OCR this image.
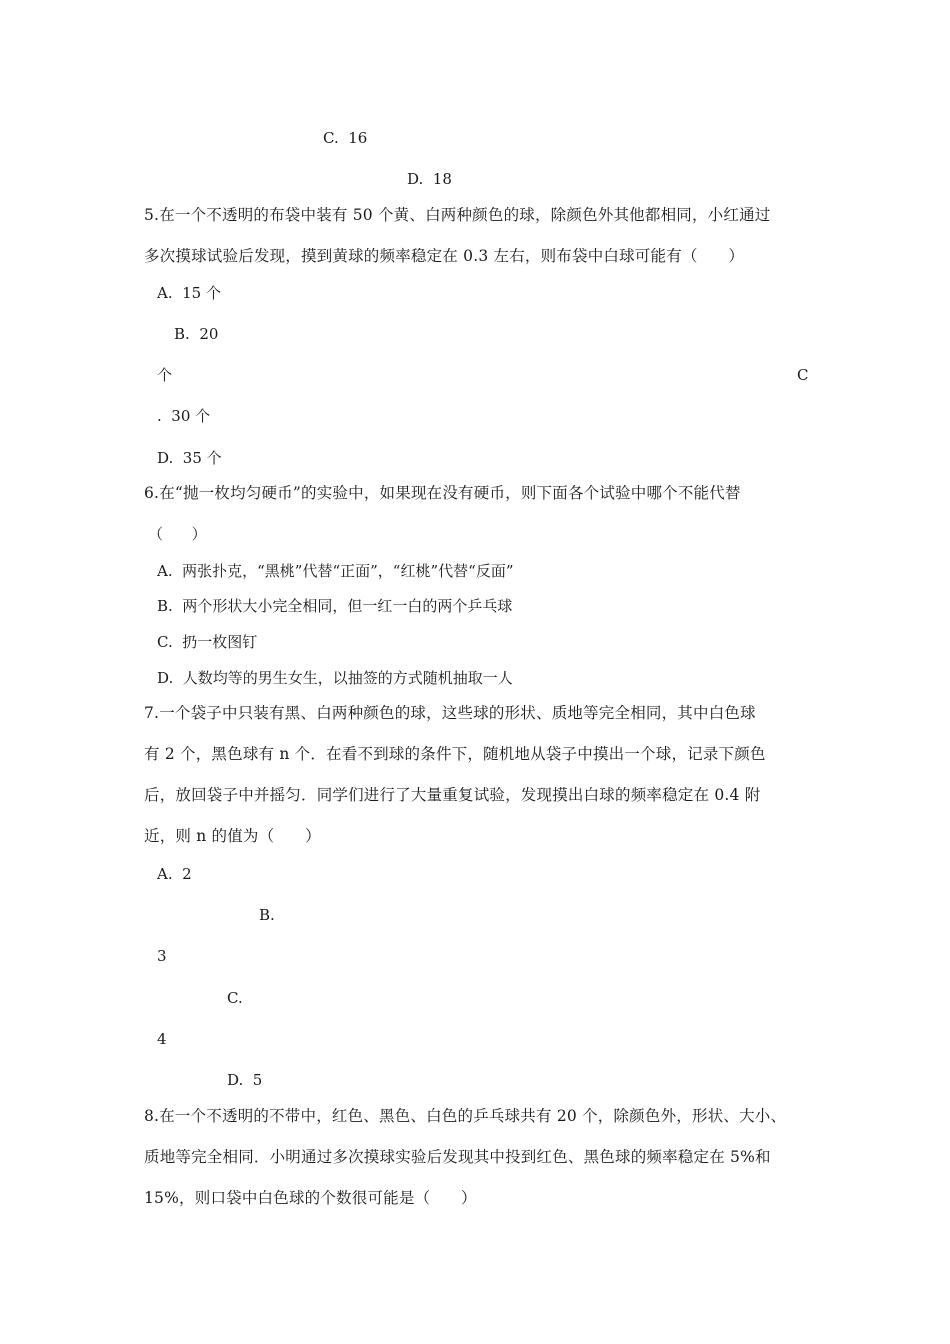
C.  16
D.  18
5.在一个不透明的布袋中装有 50 个黄、白两种颜色的球，除颜色外其他都相同，小红通过
多次摸球试验后发现，摸到黄球的频率稳定在 0.3 左右，则布袋中白球可能有（      ）
A.  15 个
B.  20
个	C
.  30 个
D.  35 个
6.在“抛一枚均匀硬币”的实验中，如果现在没有硬币，则下面各个试验中哪个不能代替
（      ）
A.  两张扑克，“黑桃”代替“正面”，“红桃”代替“反面”
B.  两个形状大小完全相同，但一红一白的两个乒乓球
C.  扔一枚图钉
D.  人数均等的男生女生，以抽签的方式随机抽取一人
7.一个袋子中只装有黑、白两种颜色的球，这些球的形状、质地等完全相同，其中白色球
有 2 个，黑色球有 n 个．在看不到球的条件下，随机地从袋子中摸出一个球，记录下颜色
后，放回袋子中并摇匀．同学们进行了大量重复试验，发现摸出白球的频率稳定在 0.4 附
近，则 n 的值为（      ）
A.  2
B.
3
C.
4
D.  5
8.在一个不透明的不带中，红色、黑色、白色的乒乓球共有 20 个，除颜色外，形状、大小、
质地等完全相同．小明通过多次摸球实验后发现其中投到红色、黑色球的频率稳定在 5%和
15%，则口袋中白色球的个数很可能是（      ）
